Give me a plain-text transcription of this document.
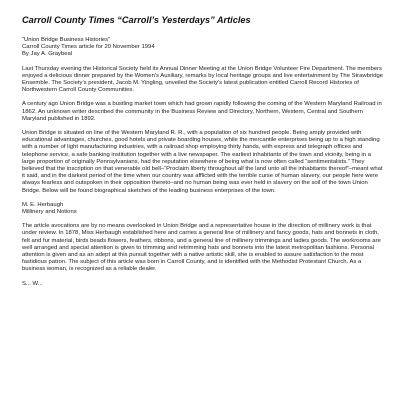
Carroll County Times “Carroll’s Yesterdays” Articles

“Union Bridge Business Histories”

Carroll County Times article for 20 November 1994

By Jay A. Graybeal

Last Thursday evening the Historical Society held its Annual Dinner Meeting at the Union Bridge Volunteer Fire Department. The members enjoyed a delicious dinner prepared by the Women’s Auxiliary, remarks by local heritage groups and live entertainment by The Strawbridge Ensemble. The Society’s president, Jacob M. Yingling, unveiled the Society’s latest publication entitled Carroll Record Histories of Northwestern Carroll County Communities.

A century ago Union Bridge was a bustling market town which had grown rapidly following the coming of the Western Maryland Railroad in 1862. An unknown writer described the community in the Business Review and Directory, Northern, Western, Central and Southern Maryland published in 1892.

Union Bridge is situated on line of the Western Maryland R. R., with a population of six hundred people. Being amply provided with educational advantages, churches, good hotels and private boarding houses, while the mercantile enterprises being up to a high standing with a number of light manufacturing industries, with a railroad shop employing thirty hands, with express and telegraph offices and telephone service, a safe banking institution together with a live newspaper. The earliest inhabitants of the town and vicinity, being in a large proportion of originally Pennsylvanians, had the reputation elsewhere of being what is now often called “sentimentalists.” They believed that the inscription on that venerable old bell–“Proclaim liberty throughout all the land unto all the inhabitants thereof”–meant what it said, and in the darkest period of the time when our country was afflicted with the terrible curse of human slavery, our people here were always fearless and outspoken in their opposition thereto–and no human being was ever held in slavery on the soil of the town Union Bridge. Below will be found biographical sketches of the leading business enterprises of the town.

M. E. Herbaugh

Millinery and Notions

The article avocations are by no means overlooked in Union Bridge and a representative house in the direction of millinery work is that under review. In 1878, Miss Herbaugh established here and carries a general line of millinery and fancy goods, hats and bonnets in cloth, felt and fur material, birds beads flowers, feathers, ribbons, and a general line of millinery trimmings and ladies goods. The workrooms are well arranged and special attention is given to trimming and retrimming hats and bonnets into the latest metropolitan fashions. Personal attention is given and as an adept at this pursuit together with a native artistic skill, she is enabled to assure satisfaction to the most fastidious patron. The subject of this article was born in Carroll County, and is identified with the Methodist Protestant Church. As a business woman, is recognized as a reliable dealer.

S... W...
